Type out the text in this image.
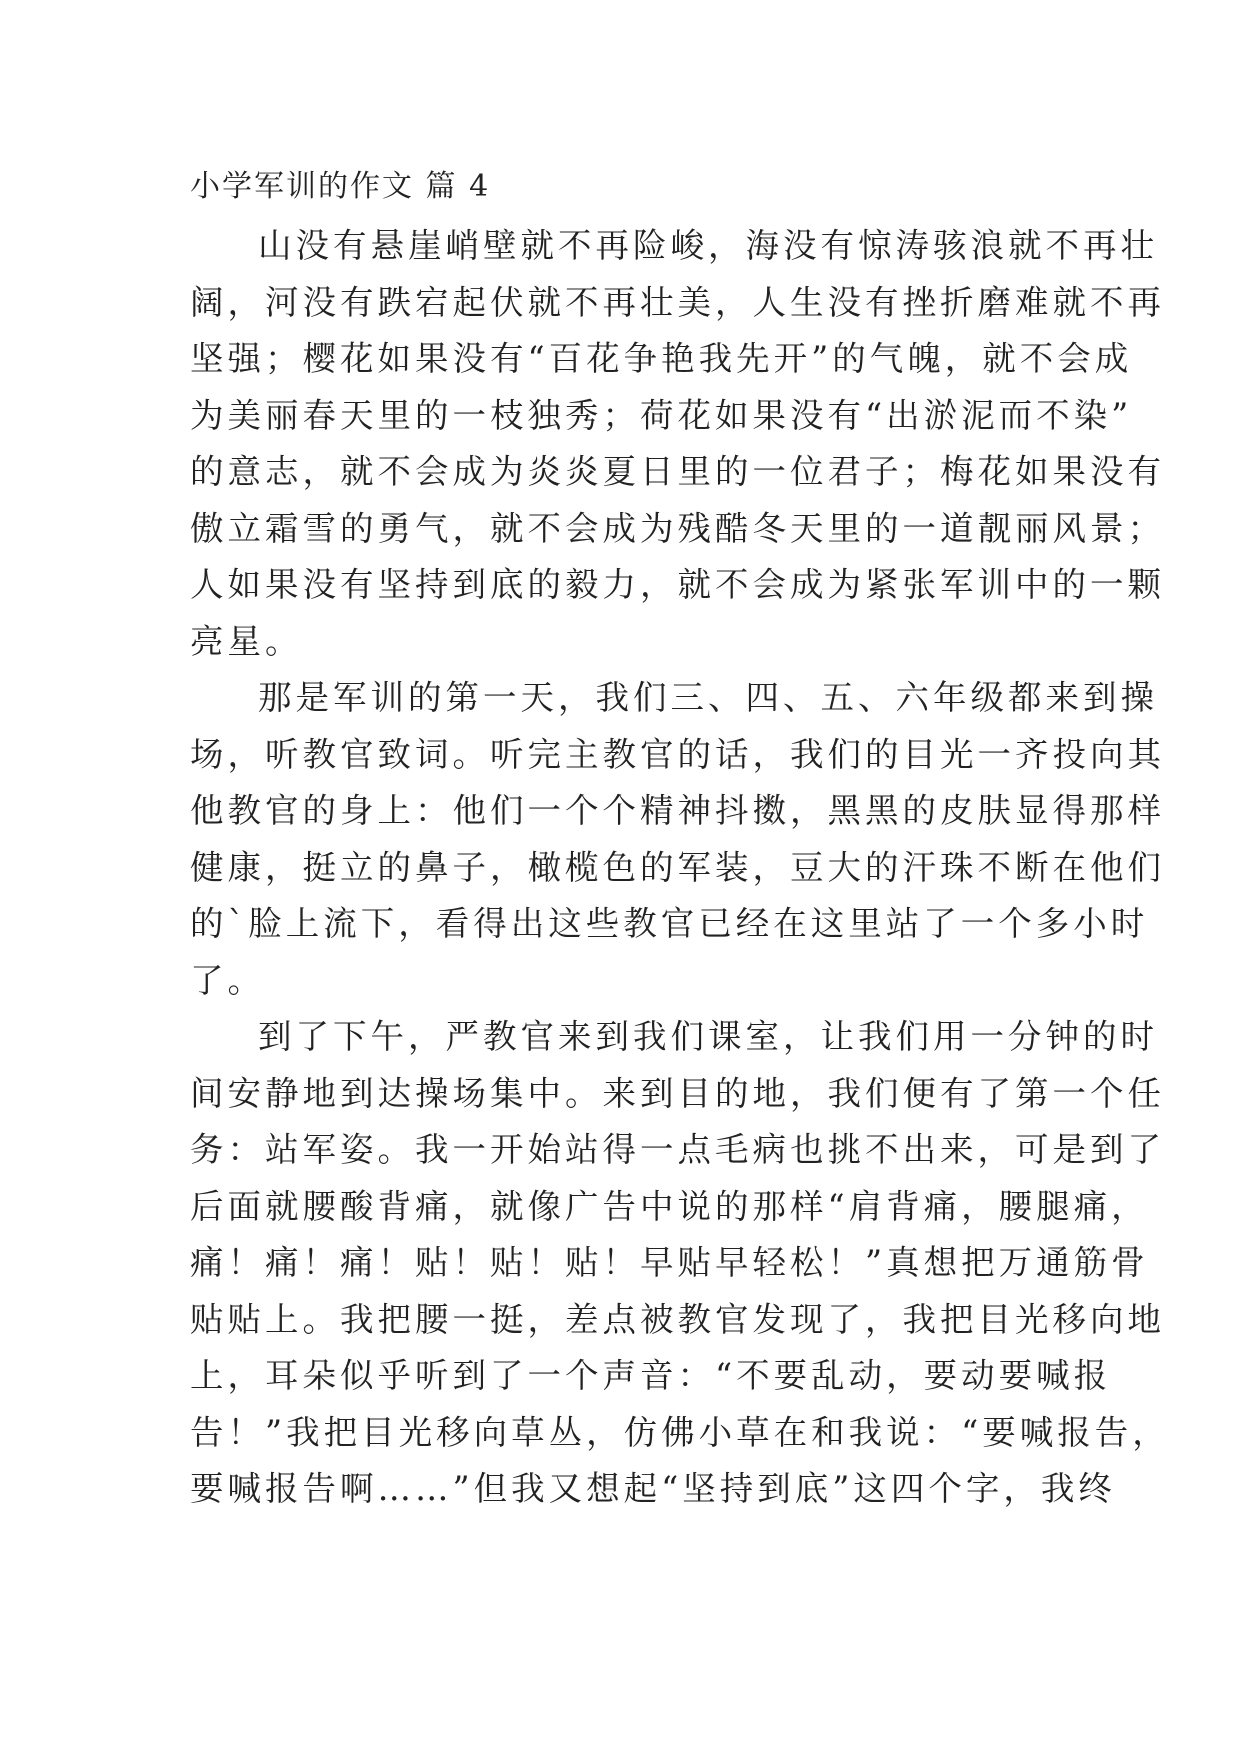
小学军训的作文 篇 4
山没有悬崖峭壁就不再险峻，海没有惊涛骇浪就不再壮
阔，河没有跌宕起伏就不再壮美，人生没有挫折磨难就不再
坚强；樱花如果没有“百花争艳我先开”的气魄，就不会成
为美丽春天里的一枝独秀；荷花如果没有“出淤泥而不染”
的意志，就不会成为炎炎夏日里的一位君子；梅花如果没有
傲立霜雪的勇气，就不会成为残酷冬天里的一道靓丽风景；
人如果没有坚持到底的毅力，就不会成为紧张军训中的一颗
亮星。
那是军训的第一天，我们三、四、五、六年级都来到操
场，听教官致词。听完主教官的话，我们的目光一齐投向其
他教官的身上：他们一个个精神抖擞，黑黑的皮肤显得那样
健康，挺立的鼻子，橄榄色的军装，豆大的汗珠不断在他们
的`脸上流下，看得出这些教官已经在这里站了一个多小时
了。
到了下午，严教官来到我们课室，让我们用一分钟的时
间安静地到达操场集中。来到目的地，我们便有了第一个任
务：站军姿。我一开始站得一点毛病也挑不出来，可是到了
后面就腰酸背痛，就像广告中说的那样“肩背痛，腰腿痛，
痛！痛！痛！贴！贴！贴！早贴早轻松！”真想把万通筋骨
贴贴上。我把腰一挺，差点被教官发现了，我把目光移向地
上，耳朵似乎听到了一个声音：“不要乱动，要动要喊报
告！”我把目光移向草丛，仿佛小草在和我说：“要喊报告，
要喊报告啊……”但我又想起“坚持到底”这四个字，我终
